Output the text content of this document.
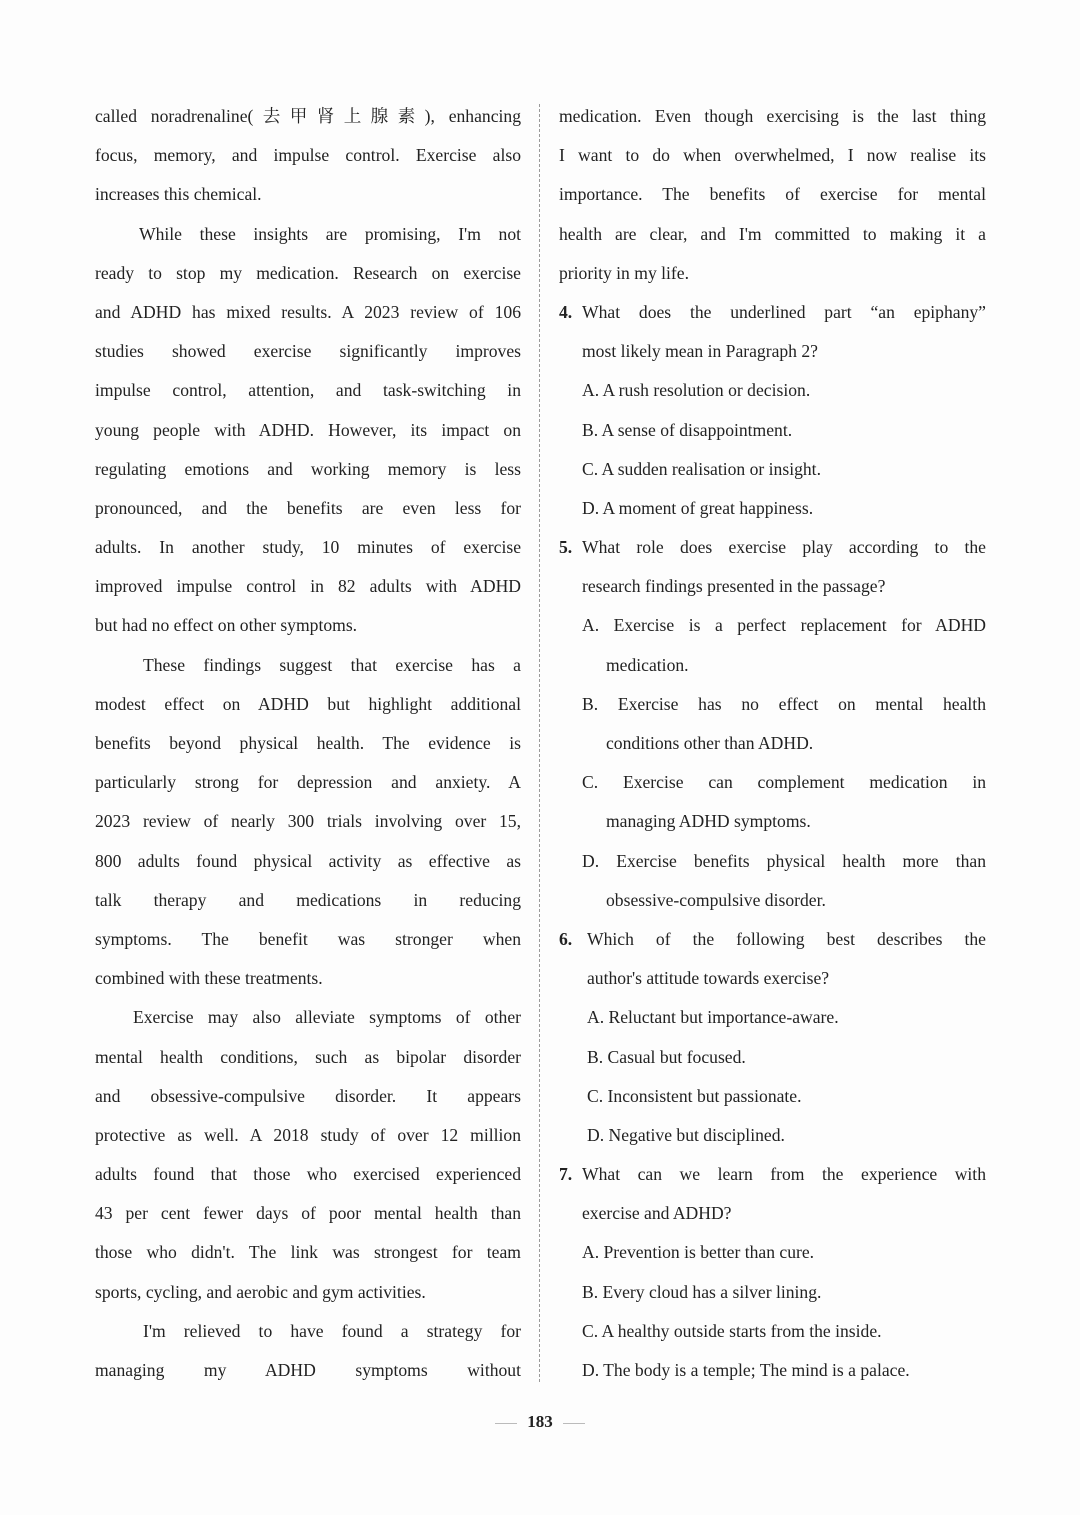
called noradrenaline(去甲肾上腺素), enhancing
focus, memory, and impulse control. Exercise also
increases this chemical.
While these insights are promising, I'm not
ready to stop my medication. Research on exercise
and ADHD has mixed results. A 2023 review of 106
studies showed exercise significantly improves
impulse control, attention, and task-switching in
young people with ADHD. However, its impact on
regulating emotions and working memory is less
pronounced, and the benefits are even less for
adults. In another study, 10 minutes of exercise
improved impulse control in 82 adults with ADHD
but had no effect on other symptoms.
These findings suggest that exercise has a
modest effect on ADHD but highlight additional
benefits beyond physical health. The evidence is
particularly strong for depression and anxiety. A
2023 review of nearly 300 trials involving over 15,
800 adults found physical activity as effective as
talk therapy and medications in reducing
symptoms. The benefit was stronger when
combined with these treatments.
Exercise may also alleviate symptoms of other
mental health conditions, such as bipolar disorder
and obsessive-compulsive disorder. It appears
protective as well. A 2018 study of over 12 million
adults found that those who exercised experienced
43 per cent fewer days of poor mental health than
those who didn't. The link was strongest for team
sports, cycling, and aerobic and gym activities.
I'm relieved to have found a strategy for
managing my ADHD symptoms without
medication. Even though exercising is the last thing
I want to do when overwhelmed, I now realise its
importance. The benefits of exercise for mental
health are clear, and I'm committed to making it a
priority in my life.
4. What does the underlined part “an epiphany”
most likely mean in Paragraph 2?
A. A rush resolution or decision.
B. A sense of disappointment.
C. A sudden realisation or insight.
D. A moment of great happiness.
5. What role does exercise play according to the
research findings presented in the passage?
A. Exercise is a perfect replacement for ADHD
medication.
B. Exercise has no effect on mental health
conditions other than ADHD.
C. Exercise can complement medication in
managing ADHD symptoms.
D. Exercise benefits physical health more than
obsessive-compulsive disorder.
6. Which of the following best describes the
author's attitude towards exercise?
A. Reluctant but importance-aware.
B. Casual but focused.
C. Inconsistent but passionate.
D. Negative but disciplined.
7. What can we learn from the experience with
exercise and ADHD?
A. Prevention is better than cure.
B. Every cloud has a silver lining.
C. A healthy outside starts from the inside.
D. The body is a temple; The mind is a palace.
183
